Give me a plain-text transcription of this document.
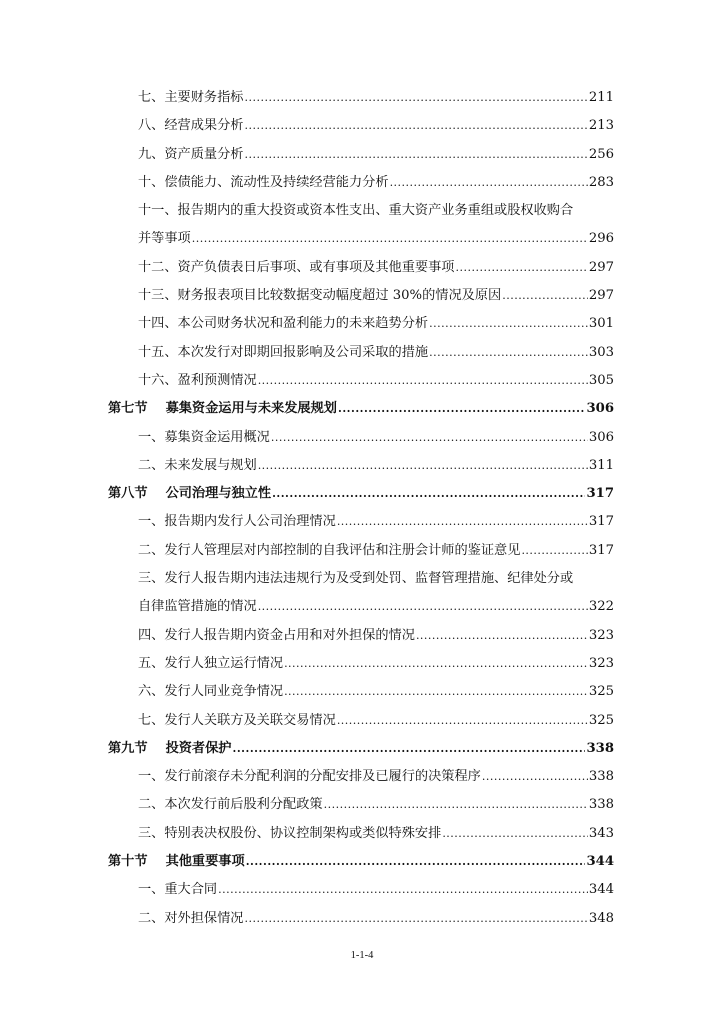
七、主要财务指标 .....	211
八、经营成果分析 .....	213
九、资产质量分析 .....	256
十、偿债能力、流动性及持续经营能力分析 .....	283
十一、报告期内的重大投资或资本性支出、重大资产业务重组或股权收购合
并等事项 .....	296
十二、资产负债表日后事项、或有事项及其他重要事项 .....	297
十三、财务报表项目比较数据变动幅度超过 30%的情况及原因 .....	297
十四、本公司财务状况和盈利能力的未来趋势分析 .....	301
十五、本次发行对即期回报影响及公司采取的措施 .....	303
十六、盈利预测情况 .....	305
第七节 募集资金运用与未来发展规划 .....	306
一、募集资金运用概况 .....	306
二、未来发展与规划 .....	311
第八节 公司治理与独立性 .....	317
一、报告期内发行人公司治理情况 .....	317
二、发行人管理层对内部控制的自我评估和注册会计师的鉴证意见 .....	317
三、发行人报告期内违法违规行为及受到处罚、监督管理措施、纪律处分或
自律监管措施的情况 .....	322
四、发行人报告期内资金占用和对外担保的情况 .....	323
五、发行人独立运行情况 .....	323
六、发行人同业竞争情况 .....	325
七、发行人关联方及关联交易情况 .....	325
第九节 投资者保护 .....	338
一、发行前滚存未分配利润的分配安排及已履行的决策程序 .....	338
二、本次发行前后股利分配政策 .....	338
三、特别表决权股份、协议控制架构或类似特殊安排 .....	343
第十节 其他重要事项 .....	344
一、重大合同 .....	344
二、对外担保情况 .....	348
1-1-4
